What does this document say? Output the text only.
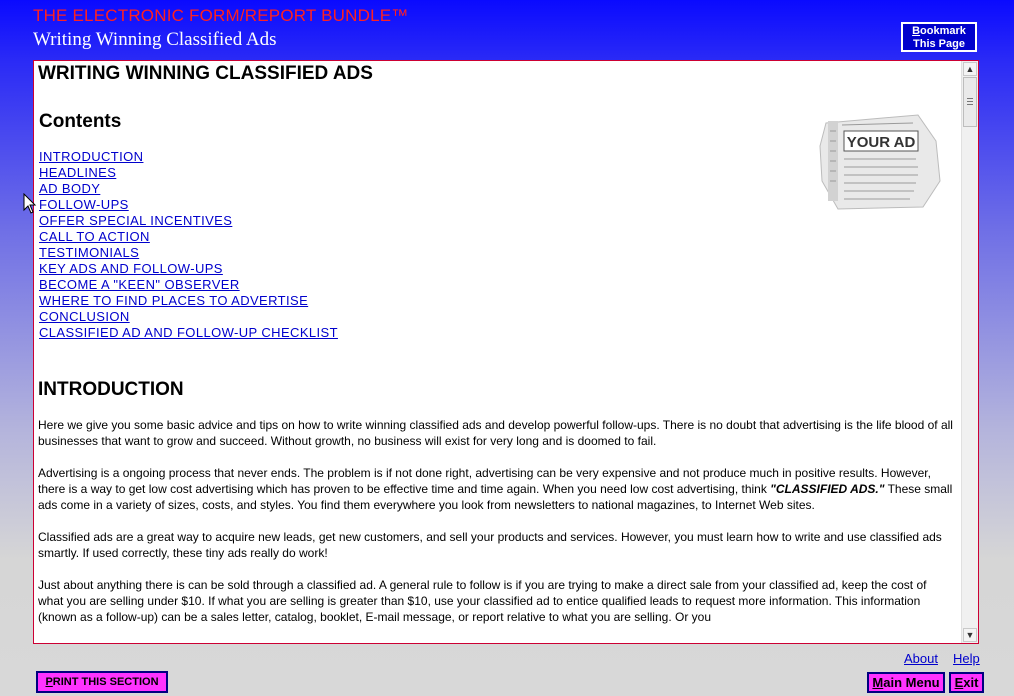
THE ELECTRONIC FORM/REPORT BUNDLE™
Writing Winning Classified Ads	Bookmark
This Page
WRITING WINNING CLASSIFIED ADS
Contents
INTRODUCTION
HEADLINES
AD BODY
FOLLOW-UPS
OFFER SPECIAL INCENTIVES
CALL TO ACTION
TESTIMONIALS
KEY ADS AND FOLLOW-UPS
BECOME A "KEEN" OBSERVER
WHERE TO FIND PLACES TO ADVERTISE
CONCLUSION
CLASSIFIED AD AND FOLLOW-UP CHECKLIST
INTRODUCTION

Here we give you some basic advice and tips on how to write winning classified ads and develop powerful follow-ups. There is no doubt that advertising is the life blood of all businesses that want to grow and succeed. Without growth, no business will exist for very long and is doomed to fail.

Advertising is a ongoing process that never ends. The problem is if not done right, advertising can be very expensive and not produce much in positive results. However, there is a way to get low cost advertising which has proven to be effective time and time again. When you need low cost advertising, think "CLASSIFIED ADS." These small ads come in a variety of sizes, costs, and styles. You find them everywhere you look from newsletters to national magazines, to Internet Web sites.

Classified ads are a great way to acquire new leads, get new customers, and sell your products and services. However, you must learn how to write and use classified ads smartly. If used correctly, these tiny ads really do work!

Just about anything there is can be sold through a classified ad. A general rule to follow is if you are trying to make a direct sale from your classified ad, keep the cost of what you are selling under $10. If what you are selling is greater than $10, use your classified ad to entice qualified leads to request more information. This information (known as a follow-up) can be a sales letter, catalog, booklet, E-mail message, or report relative to what you are selling. Or you

YOUR AD
▲
▼
About Help
PRINT THIS SECTION	Main Menu	Exit
